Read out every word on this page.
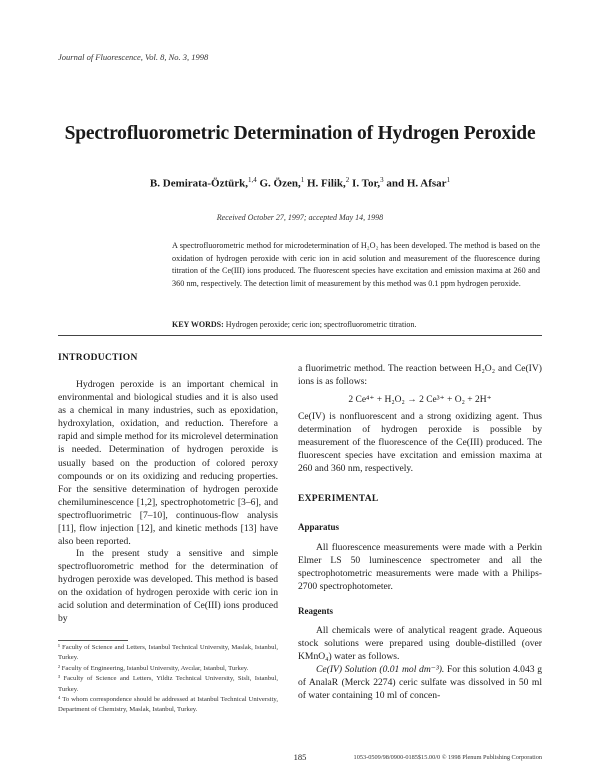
Journal of Fluorescence, Vol. 8, No. 3, 1998
Spectrofluorometric Determination of Hydrogen Peroxide
B. Demirata-Öztürk,$^{1,4}$ G. Özen,$^1$ H. Filik,$^2$ I. Tor,$^3$ and H. Afsar$^1$
Received October 27, 1997; accepted May 14, 1998

A spectrofluorometric method for microdetermination of H₂O₂ has been developed. The method is based on the oxidation of hydrogen peroxide with ceric ion in acid solution and measurement of the fluorescence during titration of the Ce(III) ions produced. The fluorescent species have excitation and emission maxima at 260 and 360 nm, respectively. The detection limit of measurement by this method was 0.1 ppm hydrogen peroxide.

KEY WORDS: Hydrogen peroxide; ceric ion; spectrofluorometric titration.
INTRODUCTION

Hydrogen peroxide is an important chemical in environmental and biological studies and it is also used as a chemical in many industries, such as epoxidation, hydroxylation, oxidation, and reduction. Therefore a rapid and simple method for its microlevel determination is needed. Determination of hydrogen peroxide is usually based on the production of colored peroxy compounds or on its oxidizing and reducing properties. For the sensitive determination of hydrogen peroxide chemiluminescence [1,2], spectrophotometric [3–6], and spectrofluorimetric [7–10], continuous-flow analysis [11], flow injection [12], and kinetic methods [13] have also been reported.

In the present study a sensitive and simple spectrofluorometric method for the determination of hydrogen peroxide was developed. This method is based on the oxidation of hydrogen peroxide with ceric ion in acid solution and determination of Ce(III) ions produced by

¹ Faculty of Science and Letters, Istanbul Technical University, Maslak, Istanbul, Turkey.

² Faculty of Engineering, Istanbul University, Avcılar, Istanbul, Turkey.

³ Faculty of Science and Letters, Yildiz Technical University, Sisli, Istanbul, Turkey.

⁴ To whom correspondence should be addressed at Istanbul Technical University, Department of Chemistry, Maslak, Istanbul, Turkey.

a fluorimetric method. The reaction between H₂O₂ and Ce(IV) ions is as follows:

2 Ce⁴⁺ + H₂O₂ → 2 Ce³⁺ + O₂ + 2H⁺

Ce(IV) is nonfluorescent and a strong oxidizing agent. Thus determination of hydrogen peroxide is possible by measurement of the fluorescence of the Ce(III) produced. The fluorescent species have excitation and emission maxima at 260 and 360 nm, respectively.

EXPERIMENTAL
Apparatus

All fluorescence measurements were made with a Perkin Elmer LS 50 luminescence spectrometer and all the spectrophotometric measurements were made with a Philips-2700 spectrophotometer.

Reagents

All chemicals were of analytical reagent grade. Aqueous stock solutions were prepared using double-distilled (over KMnO₄) water as follows.

Ce(IV) Solution (0.01 mol dm⁻³). For this solution 4.043 g of AnalaR (Merck 2274) ceric sulfate was dissolved in 50 ml of water containing 10 ml of concen-

185	1053-0509/98/0900-0185$15.00/0 © 1998 Plenum Publishing Corporation
